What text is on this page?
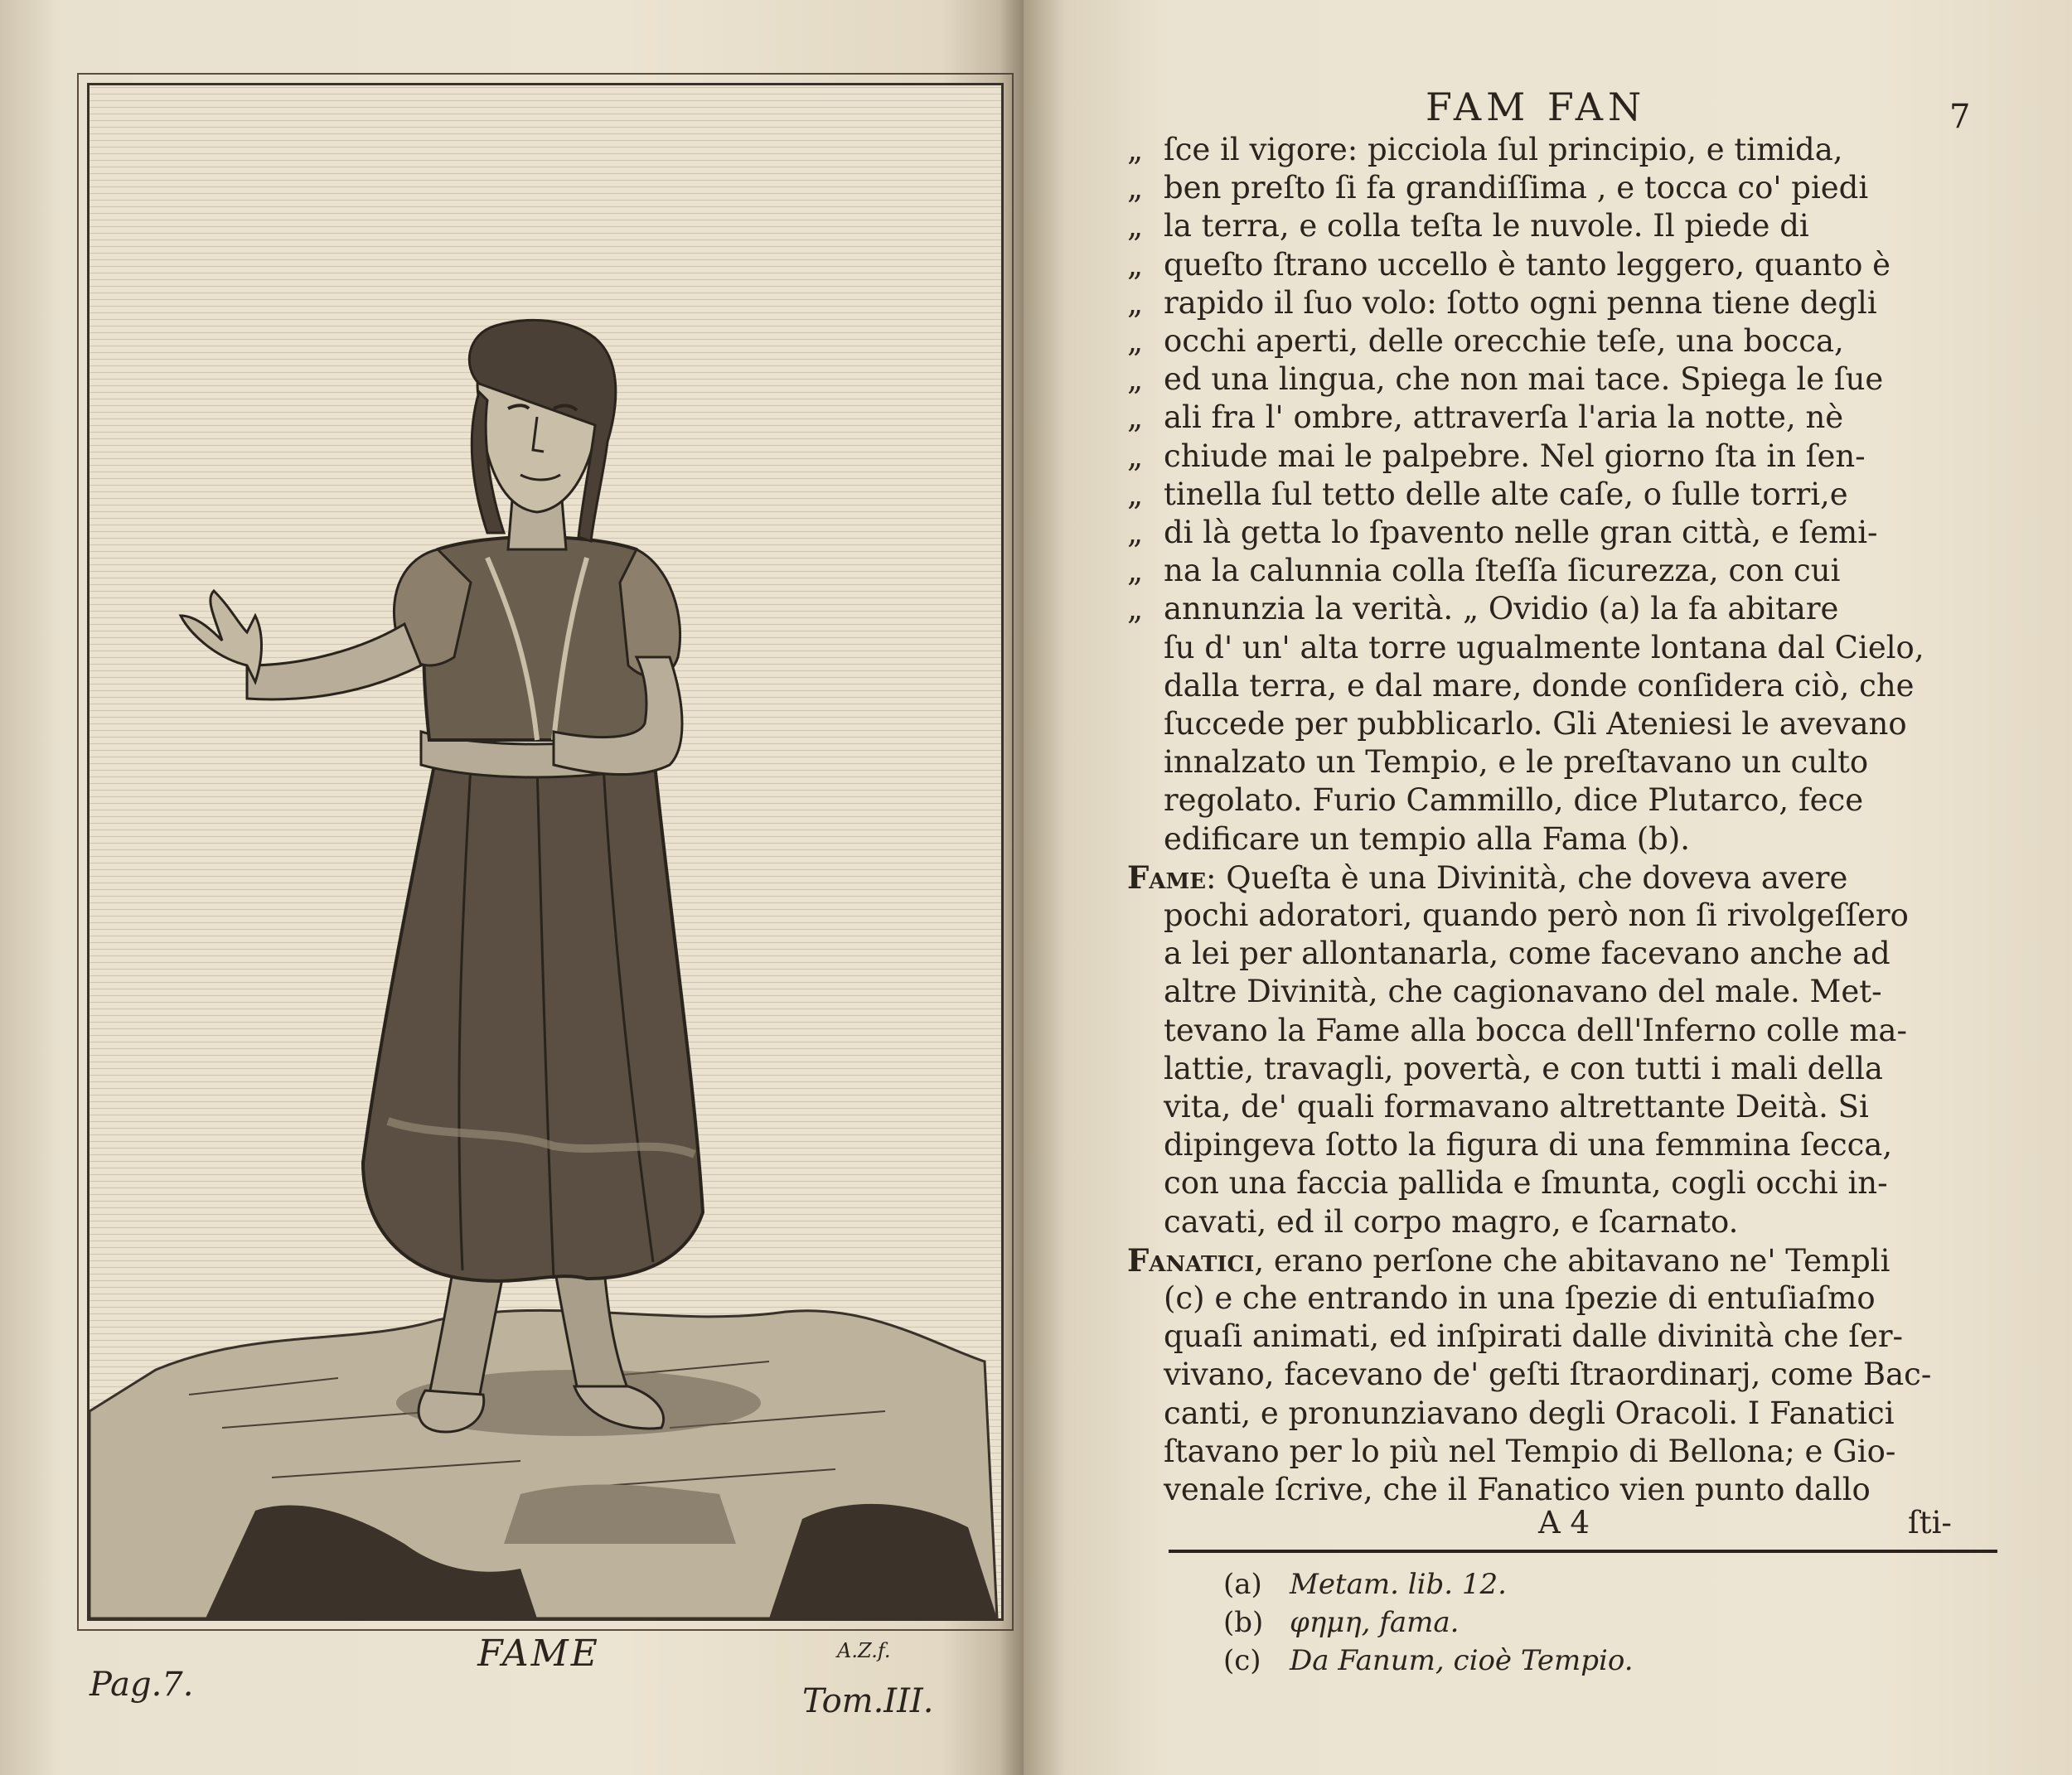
FAME	A.Z.f.
Pag.7.	Tom.III.
FAM FAN	7
„ ſce il vigore: picciola ſul principio, e timida,
„ ben preſto ſi fa grandiſſima , e tocca co' piedi
„ la terra, e colla teſta le nuvole. Il piede di
„ queſto ſtrano uccello è tanto leggero, quanto è
„ rapido il ſuo volo: ſotto ogni penna tiene degli
„ occhi aperti, delle orecchie teſe, una bocca,
„ ed una lingua, che non mai tace. Spiega le ſue
„ ali fra l' ombre, attraverſa l'aria la notte, nè
„ chiude mai le palpebre. Nel giorno ſta in ſen-
„ tinella ſul tetto delle alte caſe, o ſulle torri,e
„ di là getta lo ſpavento nelle gran città, e ſemi-
„ na la calunnia colla ſteſſa ſicurezza, con cui
„ annunzia la verità. „ Ovidio (a) la fa abitare
ſu d' un' alta torre ugualmente lontana dal Cielo,
dalla terra, e dal mare, donde conſidera ciò, che
ſuccede per pubblicarlo. Gli Ateniesi le avevano
innalzato un Tempio, e le preſtavano un culto
regolato. Furio Cammillo, dice Plutarco, fece
edificare un tempio alla Fama (b).
Fame: Queſta è una Divinità, che doveva avere
pochi adoratori, quando però non ſi rivolgeſſero
a lei per allontanarla, come facevano anche ad
altre Divinità, che cagionavano del male. Met-
tevano la Fame alla bocca dell'Inferno colle ma-
lattie, travagli, povertà, e con tutti i mali della
vita, de' quali formavano altrettante Deità. Si
dipingeva ſotto la figura di una femmina ſecca,
con una faccia pallida e ſmunta, cogli occhi in-
cavati, ed il corpo magro, e ſcarnato.
Fanatici, erano perſone che abitavano ne' Templi
(c) e che entrando in una ſpezie di entuſiaſmo
quaſi animati, ed inſpirati dalle divinità che ſer-
vivano, facevano de' geſti ſtraordinarj, come Bac-
canti, e pronunziavano degli Oracoli. I Fanatici
ſtavano per lo più nel Tempio di Bellona; e Gio-
venale ſcrive, che il Fanatico vien punto dallo
A 4	ſti-
(a) Metam. lib. 12.
(b) φημη, fama.
(c) Da Fanum, cioè Tempio.
